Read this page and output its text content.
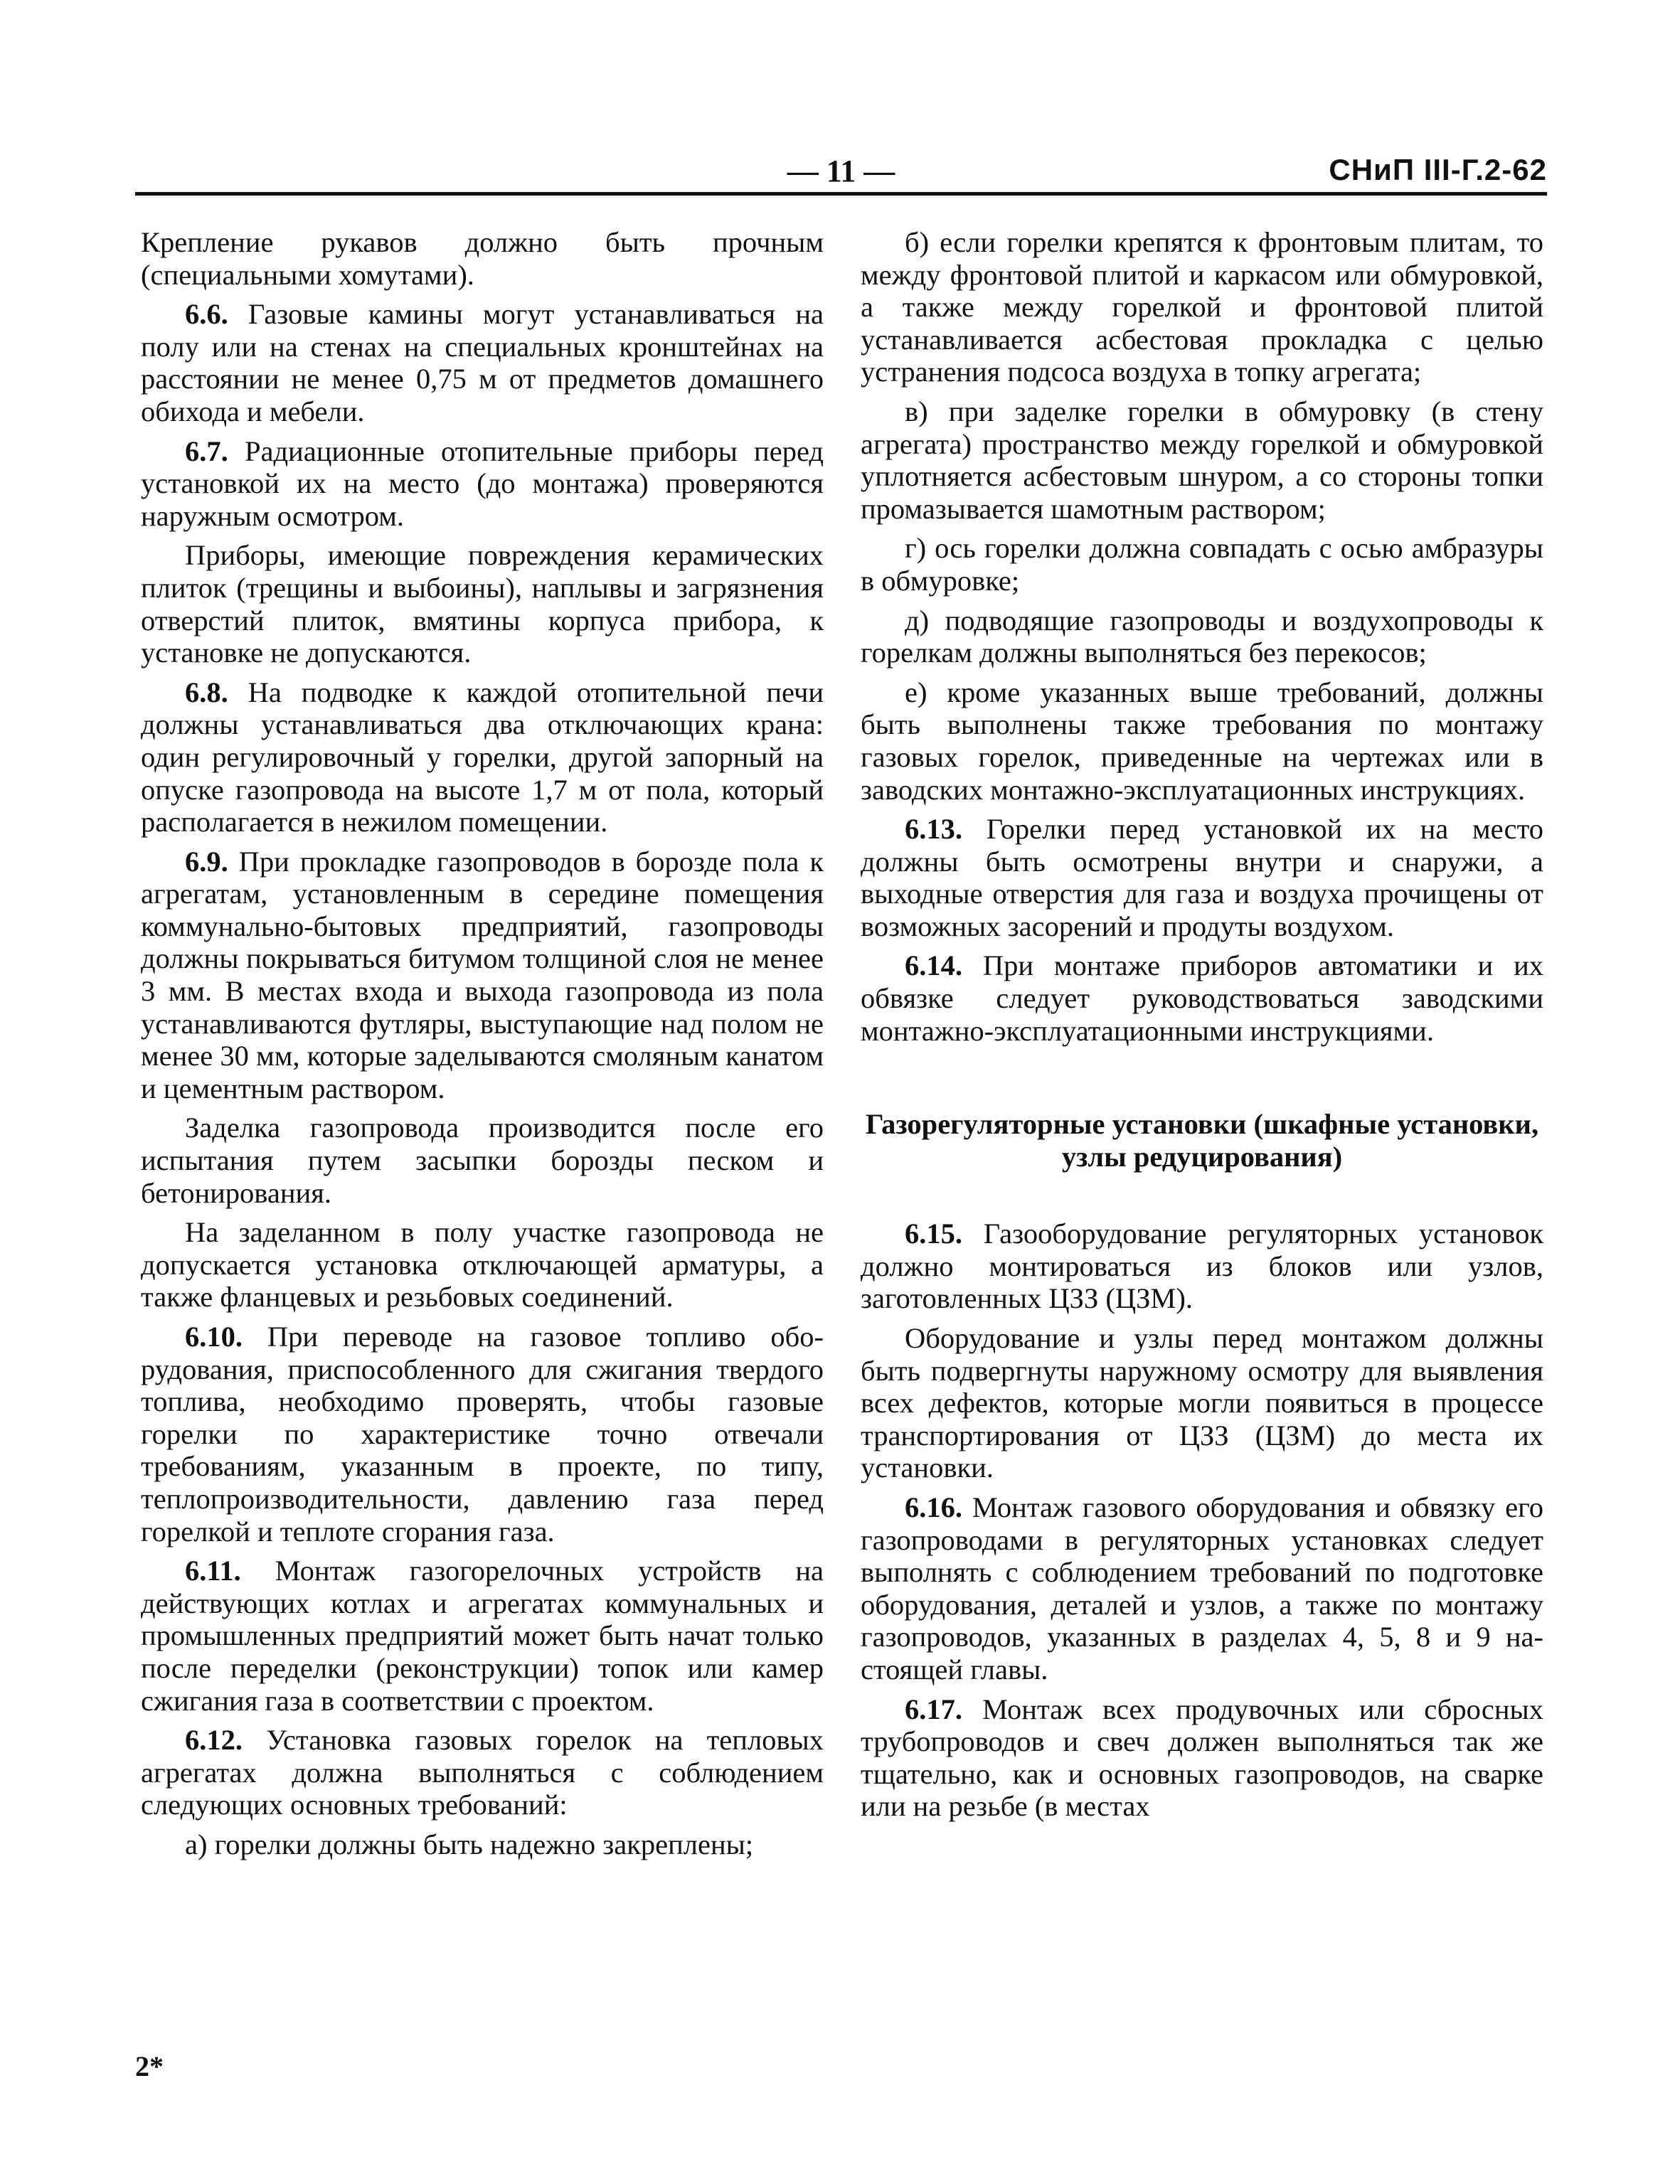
— 11 —	СНиП III-Г.2-62

Крепление рукавов должно быть прочным (специальными хомутами).

6.6. Газовые камины могут устанавливаться на полу или на стенах на специальных кронштейнах на расстоянии не менее 0,75 м от предметов домашнего обихода и мебели.

6.7. Радиационные отопительные приборы перед установкой их на место (до монтажа) проверяются наружным осмотром.

Приборы, имеющие повреждения керамических плиток (трещины и выбоины), наплывы и загрязнения отверстий плиток, вмятины корпуса прибора, к установке не допускаются.

6.8. На подводке к каждой отопительной печи должны устанавливаться два отключающих крана: один регулировочный у горелки, другой запорный на опуске газопровода на высоте 1,7 м от пола, который располагается в нежилом помещении.

6.9. При прокладке газопроводов в борозде пола к агрегатам, установленным в середине помещения коммунально-бытовых предприятий, газопроводы должны покрываться битумом толщиной слоя не менее 3 мм. В местах входа и выхода газопровода из пола устанавливаются футляры, выступающие над полом не менее 30 мм, которые заделываются смоляным канатом и цементным раствором.

Заделка газопровода производится после его испытания путем засыпки борозды песком и бетонирования.

На заделанном в полу участке газопровода не допускается установка отключающей арматуры, а также фланцевых и резьбовых соединений.

6.10. При переводе на газовое топливо оборудования, приспособленного для сжигания твердого топлива, необходимо проверять, чтобы газовые горелки по характеристике точно отвечали требованиям, указанным в проекте, по типу, теплопроизводительности, давлению газа перед горелкой и теплоте сгорания газа.

6.11. Монтаж газогорелочных устройств на действующих котлах и агрегатах коммунальных и промышленных предприятий может быть начат только после переделки (реконструкции) топок или камер сжигания газа в соответствии с проектом.

6.12. Установка газовых горелок на тепловых агрегатах должна выполняться с соблюдением следующих основных требований:

а) горелки должны быть надежно закреплены;

б) если горелки крепятся к фронтовым плитам, то между фронтовой плитой и каркасом или обмуровкой, а также между горелкой и фронтовой плитой устанавливается асбестовая прокладка с целью устранения подсоса воздуха в топку агрегата;

в) при заделке горелки в обмуровку (в стену агрегата) пространство между горелкой и обмуровкой уплотняется асбестовым шнуром, а со стороны топки промазывается шамотным раствором;

г) ось горелки должна совпадать с осью амбразуры в обмуровке;

д) подводящие газопроводы и воздухопроводы к горелкам должны выполняться без перекосов;

е) кроме указанных выше требований, должны быть выполнены также требования по монтажу газовых горелок, приведенные на чертежах или в заводских монтажно-эксплуатационных инструкциях.

6.13. Горелки перед установкой их на место должны быть осмотрены внутри и снаружи, а выходные отверстия для газа и воздуха прочищены от возможных засорений и продуты воздухом.

6.14. При монтаже приборов автоматики и их обвязке следует руководствоваться заводскими монтажно-эксплуатационными инструкциями.

Газорегуляторные установки (шкафные установки, узлы редуцирования)

6.15. Газооборудование регуляторных установок должно монтироваться из блоков или узлов, заготовленных ЦЗЗ (ЦЗМ).

Оборудование и узлы перед монтажом должны быть подвергнуты наружному осмотру для выявления всех дефектов, которые могли появиться в процессе транспортирования от ЦЗЗ (ЦЗМ) до места их установки.

6.16. Монтаж газового оборудования и обвязку его газопроводами в регуляторных установках следует выполнять с соблюдением требований по подготовке оборудования, деталей и узлов, а также по монтажу газопроводов, указанных в разделах 4, 5, 8 и 9 настоящей главы.

6.17. Монтаж всех продувочных или сбросных трубопроводов и свеч должен выполняться так же тщательно, как и основных газопроводов, на сварке или на резьбе (в местах

2*
